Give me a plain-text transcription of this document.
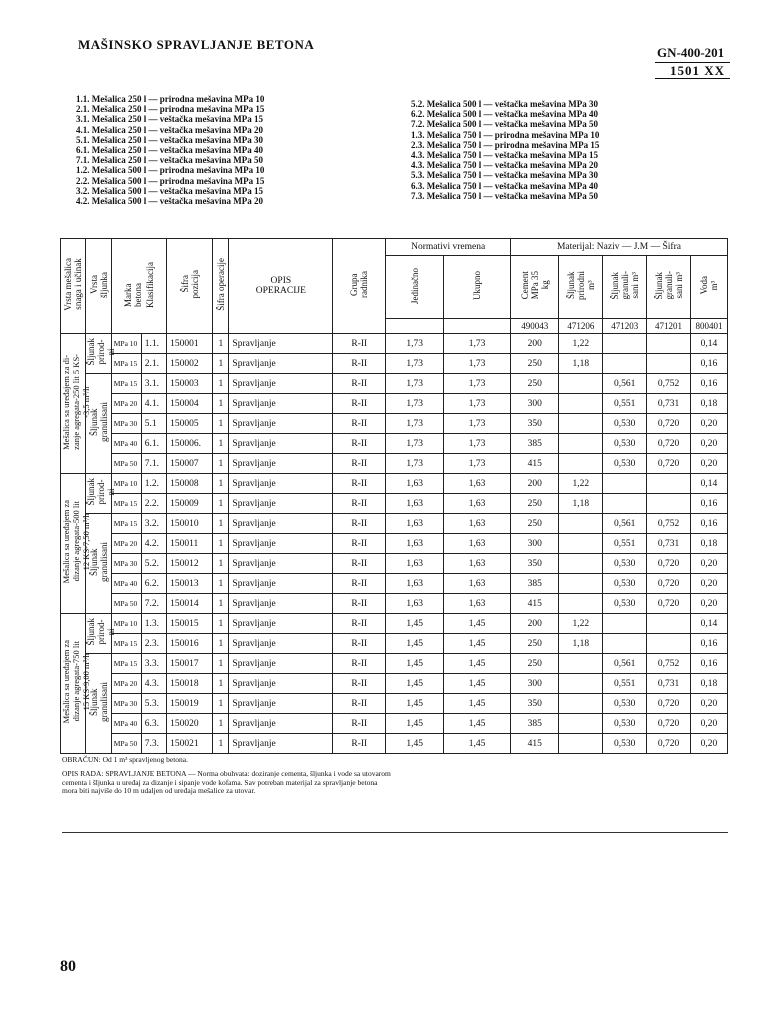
MAŠINSKO SPRAVLJANJE BETONA
GN-400-201
1501 XX
1.1. Mešalica 250 l — prirodna mešavina MPa 10
2.1. Mešalica 250 l — prirodna mešavina MPa 15
3.1. Mešalica 250 l — veštačka mešavina MPa 15
4.1. Mešalica 250 l — veštačka mešavina MPa 20
5.1. Mešalica 250 l — veštačka mešavina MPa 30
6.1. Mešalica 250 l — veštačka mešavina MPa 40
7.1. Mešalica 250 l — veštačka mešavina MPa 50
1.2. Mešalica 500 l — prirodna mešavina MPa 10
2.2. Mešalica 500 l — prirodna mešavina MPa 15
3.2. Mešalica 500 l — veštačka mešavina MPa 15
4.2. Mešalica 500 l — veštačka mešavina MPa 20
5.2. Mešalica 500 l — veštačka mešavina MPa 30
6.2. Mešalica 500 l — veštačka mešavina MPa 40
7.2. Mešalica 500 l — veštačka mešavina MPa 50
1.3. Mešalica 750 l — prirodna mešavina MPa 10
2.3. Mešalica 750 l — prirodna mešavina MPa 15
4.3. Mešalica 750 l — veštačka mešavina MPa 15
4.3. Mešalica 750 l — veštačka mešavina MPa 20
5.3. Mešalica 750 l — veštačka mešavina MPa 30
6.3. Mešalica 750 l — veštačka mešavina MPa 40
7.3. Mešalica 750 l — veštačka mešavina MPa 50
Vrsta mešalica
snaga i učinak	Vrsta
šljunka	Marka
betona Klasifikacija		Šifra
pozicija	Šifra operacije	OPIS
OPERACIJE	Grupa
radnika	Normativi vremena		Materijal: Naziv — J.M — Šifra				
								Jedinačno	Ukupno	Cement
MPa 35
kg	Šljunak
prirodni
m³	Šljunak
granuli-
sani m³	Šljunak
granuli-
sani m³	Voda
m³
										490043	471206	471203	471201	800401
Mešalica sa uređajem za di-
zanje agregata-250 lit 5 KS-
-3,5 m³/h	Šljunak
prirod-
ni	MPa 10	1.1.	150001	1	Spravljanje	R-II	1,73	1,73	200	1,22			0,14
		MPa 15	2.1.	150002	1	Spravljanje	R-II	1,73	1,73	250	1,18			0,16
	Šljunak
granulisani	MPa 15	3.1.	150003	1	Spravljanje	R-II	1,73	1,73	250		0,561	0,752	0,16
		MPa 20	4.1.	150004	1	Spravljanje	R-II	1,73	1,73	300		0,551	0,731	0,18
		MPa 30	5.1	150005	1	Spravljanje	R-II	1,73	1,73	350		0,530	0,720	0,20
		MPa 40	6.1.	150006.	1	Spravljanje	R-II	1,73	1,73	385		0,530	0,720	0,20
		MPa 50	7.1.	150007	1	Spravljanje	R-II	1,73	1,73	415		0,530	0,720	0,20
Mešalica sa uređajem za
dizanje agregata-500 lit
12 KS-7,50 m³/h	Šljunak
prirod-
ni	MPa 10	1.2.	150008	1	Spravljanje	R-II	1,63	1,63	200	1,22			0,14
		MPa 15	2.2.	150009	1	Spravljanje	R-II	1,63	1,63	250	1,18			0,16
	Šljunak
granulisani	MPa 15	3.2.	150010	1	Spravljanje	R-II	1,63	1,63	250		0,561	0,752	0,16
		MPa 20	4.2.	150011	1	Spravljanje	R-II	1,63	1,63	300		0,551	0,731	0,18
		MPa 30	5.2.	150012	1	Spravljanje	R-II	1,63	1,63	350		0,530	0,720	0,20
		MPa 40	6.2.	150013	1	Spravljanje	R-II	1,63	1,63	385		0,530	0,720	0,20
		MPa 50	7.2.	150014	1	Spravljanje	R-II	1,63	1,63	415		0,530	0,720	0,20
Mešalica sa uređajem za
dizanje agregata-750 lit
15 KS-9,00 m³/h	Šljunak
prirod-
ni	MPa 10	1.3.	150015	1	Spravljanje	R-II	1,45	1,45	200	1,22			0,14
		MPa 15	2.3.	150016	1	Spravljanje	R-II	1,45	1,45	250	1,18			0,16
	Šljunak
granulisani	MPa 15	3.3.	150017	1	Spravljanje	R-II	1,45	1,45	250		0,561	0,752	0,16
		MPa 20	4.3.	150018	1	Spravljanje	R-II	1,45	1,45	300		0,551	0,731	0,18
		MPa 30	5.3.	150019	1	Spravljanje	R-II	1,45	1,45	350		0,530	0,720	0,20
		MPa 40	6.3.	150020	1	Spravljanje	R-II	1,45	1,45	385		0,530	0,720	0,20
		MPa 50	7.3.	150021	1	Spravljanje	R-II	1,45	1,45	415		0,530	0,720	0,20
OBRAČUN: Od 1 m³ spravljenog betona.
OPIS RADA: SPRAVLJANJE BETONA — Norma obuhvata: doziranje cementa, šljunka i vode sa utovarom cementa i šljunka u uređaj za dizanje i sipanje vode kofama. Sav potreban materijal za spravljanje betona mora biti najviše do 10 m udaljen od uređaja mešalice za utovar.
80
